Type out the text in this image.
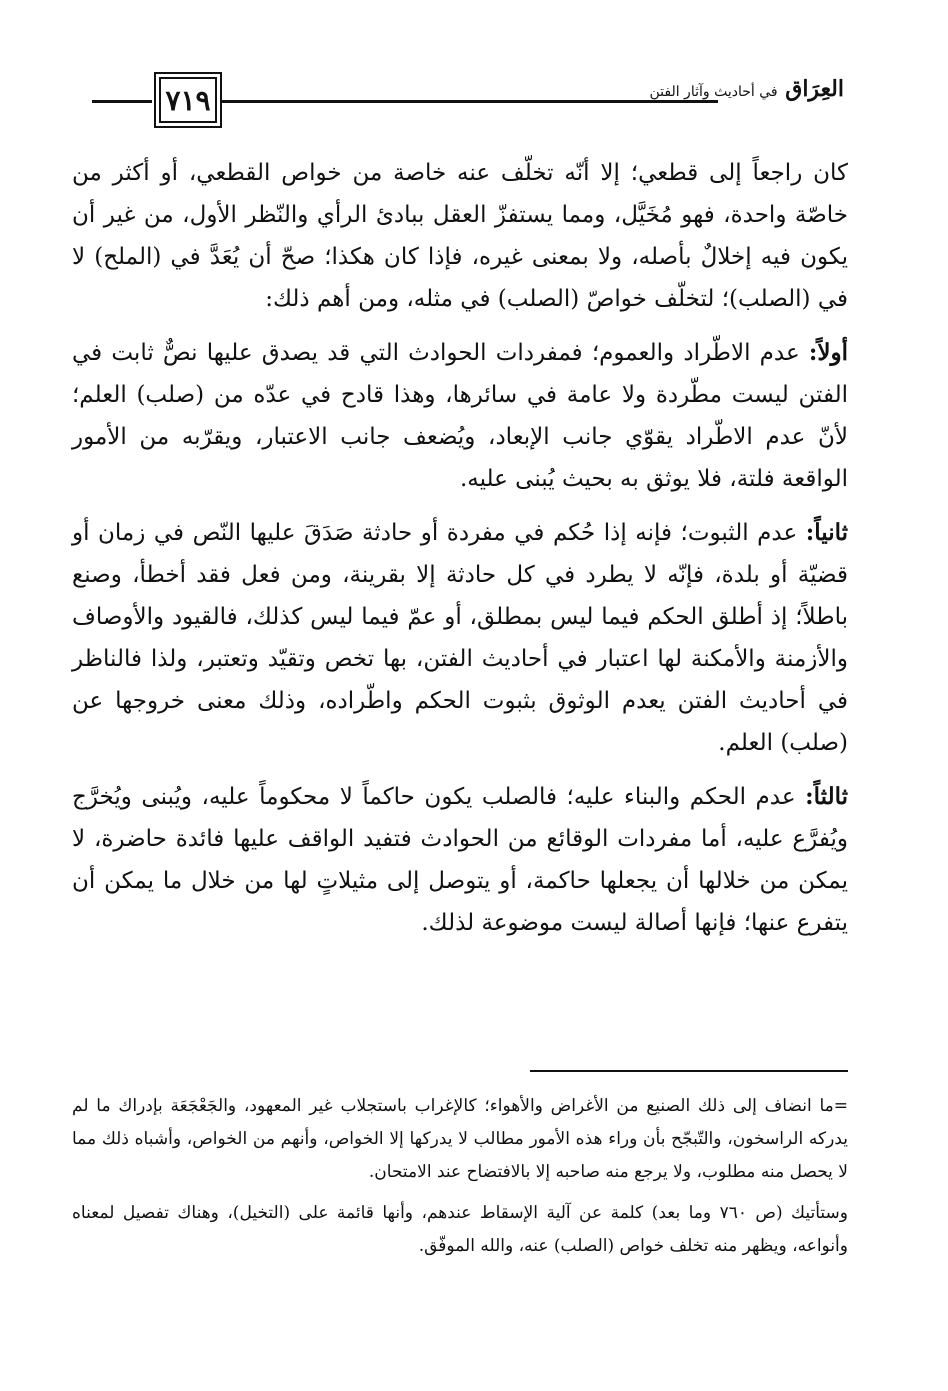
٧١٩	العِرَاق في أحاديث وآثار الفتن

كان راجعاً إلى قطعي؛ إلا أنّه تخلّف عنه خاصة من خواص القطعي، أو أكثر من خاصّة واحدة، فهو مُخَيَّل، ومما يستفزّ العقل ببادئ الرأي والنّظر الأول، من غير أن يكون فيه إخلالٌ بأصله، ولا بمعنى غيره، فإذا كان هكذا؛ صحّ أن يُعَدَّ في (الملح) لا في (الصلب)؛ لتخلّف خواصّ (الصلب) في مثله، ومن أهم ذلك:

أولاً: عدم الاطّراد والعموم؛ فمفردات الحوادث التي قد يصدق عليها نصٌّ ثابت في الفتن ليست مطّردة ولا عامة في سائرها، وهذا قادح في عدّه من (صلب) العلم؛ لأنّ عدم الاطّراد يقوّي جانب الإبعاد، ويُضعف جانب الاعتبار، ويقرّبه من الأمور الواقعة فلتة، فلا يوثق به بحيث يُبنى عليه.

ثانياً: عدم الثبوت؛ فإنه إذا حُكم في مفردة أو حادثة صَدَقَ عليها النّص في زمان أو قضيّة أو بلدة، فإنّه لا يطرد في كل حادثة إلا بقرينة، ومن فعل فقد أخطأ، وصنع باطلاً؛ إذ أطلق الحكم فيما ليس بمطلق، أو عمّ فيما ليس كذلك، فالقيود والأوصاف والأزمنة والأمكنة لها اعتبار في أحاديث الفتن، بها تخص وتقيّد وتعتبر، ولذا فالناظر في أحاديث الفتن يعدم الوثوق بثبوت الحكم واطّراده، وذلك معنى خروجها عن (صلب) العلم.

ثالثاً: عدم الحكم والبناء عليه؛ فالصلب يكون حاكماً لا محكوماً عليه، ويُبنى ويُخرَّج ويُفرَّع عليه، أما مفردات الوقائع من الحوادث فتفيد الواقف عليها فائدة حاضرة، لا يمكن من خلالها أن يجعلها حاكمة، أو يتوصل إلى مثيلاتٍ لها من خلال ما يمكن أن يتفرع عنها؛ فإنها أصالة ليست موضوعة لذلك.

=ما انضاف إلى ذلك الصنيع من الأغراض والأهواء؛ كالإغراب باستجلاب غير المعهود، والجَعْجَعَة بإدراك ما لم يدركه الراسخون، والتّبجّح بأن وراء هذه الأمور مطالب لا يدركها إلا الخواص، وأنهم من الخواص، وأشباه ذلك مما لا يحصل منه مطلوب، ولا يرجع منه صاحبه إلا بالافتضاح عند الامتحان.

وستأتيك (ص ٧٦٠ وما بعد) كلمة عن آلية الإسقاط عندهم، وأنها قائمة على (التخيل)، وهناك تفصيل لمعناه وأنواعه، ويظهر منه تخلف خواص (الصلب) عنه، والله الموفّق.
